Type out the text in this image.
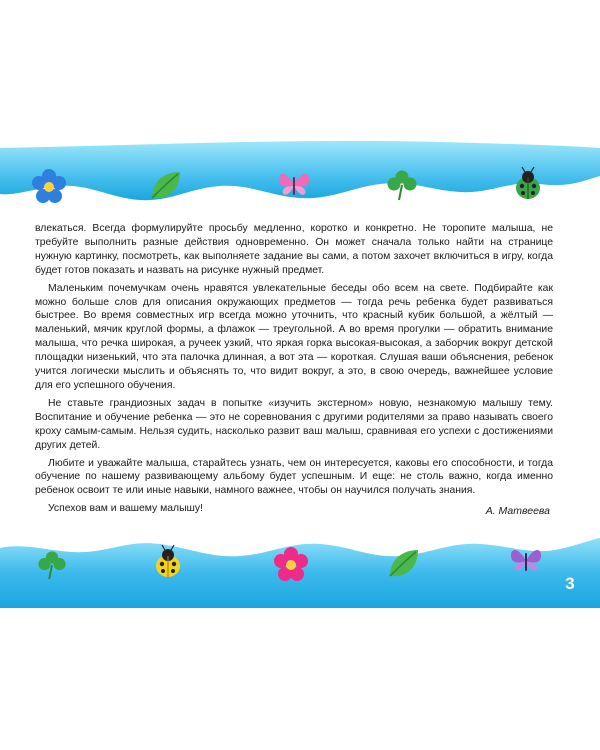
влекаться. Всегда формулируйте просьбу медленно, коротко и конкретно. Не торопите малыша, не требуйте выполнить разные действия одновременно. Он может сначала только найти на странице нужную картинку, посмотреть, как выполняете задание вы сами, а потом захочет включиться в игру, когда будет готов показать и назвать на рисунке нужный предмет.

Маленьким почемучкам очень нравятся увлекательные беседы обо всем на свете. Подбирайте как можно больше слов для описания окружающих предметов — тогда речь ребенка будет развиваться быстрее. Во время совместных игр всегда можно уточнить, что красный кубик большой, а жёлтый — маленький, мячик круглой формы, а флажок — треугольной. А во время прогулки — обратить внимание малыша, что речка широкая, а ручеек узкий, что яркая горка высокая-высокая, а заборчик вокруг детской площадки низенький, что эта палочка длинная, а вот эта — короткая. Слушая ваши объяснения, ребенок учится логически мыслить и объяснять то, что видит вокруг, а это, в свою очередь, важнейшее условие для его успешного обучения.

Не ставьте грандиозных задач в попытке «изучить экстерном» новую, незнакомую малышу тему. Воспитание и обучение ребенка — это не соревнования с другими родителями за право называть своего кроху самым-самым. Нельзя судить, насколько развит ваш малыш, сравнивая его успехи с достижениями других детей.

Любите и уважайте малыша, старайтесь узнать, чем он интересуется, каковы его способности, и тогда обучение по нашему развивающему альбому будет успешным. И еще: не столь важно, когда именно ребенок освоит те или иные навыки, намного важнее, чтобы он научился получать знания.

Успехов вам и вашему малышу!	А. Матвеева
3
